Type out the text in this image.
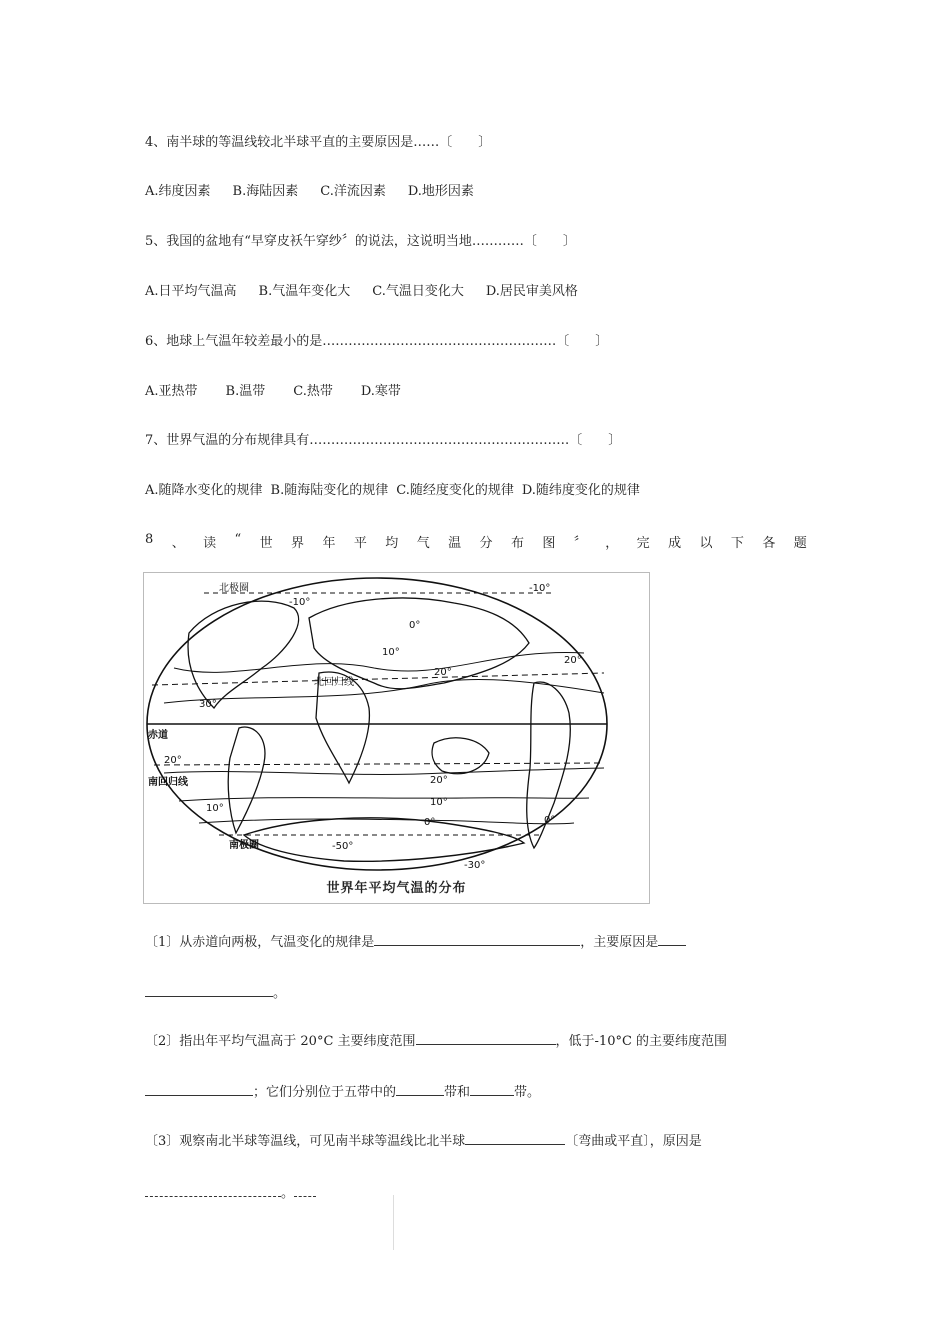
4、南半球的等温线较北半球平直的主要原因是……〔　　〕
A.纬度因素 B.海陆因素 C.洋流因素 D.地形因素
5、我国的盆地有“早穿皮袄午穿纱〞的说法，这说明当地…………〔　　〕
A.日平均气温高 B.气温年变化大 C.气温日变化大 D.居民审美风格
6、地球上气温年较差最小的是………………………………………………〔　　〕
A.亚热带 B.温带 C.热带 D.寒带
7、世界气温的分布规律具有……………………………………………………〔　　〕
A.随降水变化的规律 B.随海陆变化的规律 C.随经度变化的规律 D.随纬度变化的规律
8 、 读 “ 世 界 年 平 均 气 温 分 布 图 〞 ， 完 成 以 下 各 题
北极圈
北回归线
赤道
南回归线
南极圈
-10°
-10°
0°
10°
20°
20°
30°
20°
20°
10°
10°
0°	0°
-50°
-30°
世界年平均气温的分布
〔1〕从赤道向两极，气温变化的规律是	，主要原因是
。
〔2〕指出年平均气温高于 20°C 主要纬度范围	，低于-10°C 的主要纬度范围
；它们分别位于五带中的	带和	带。
〔3〕观察南北半球等温线，可见南半球等温线比北半球	〔弯曲或平直〕，原因是
。
